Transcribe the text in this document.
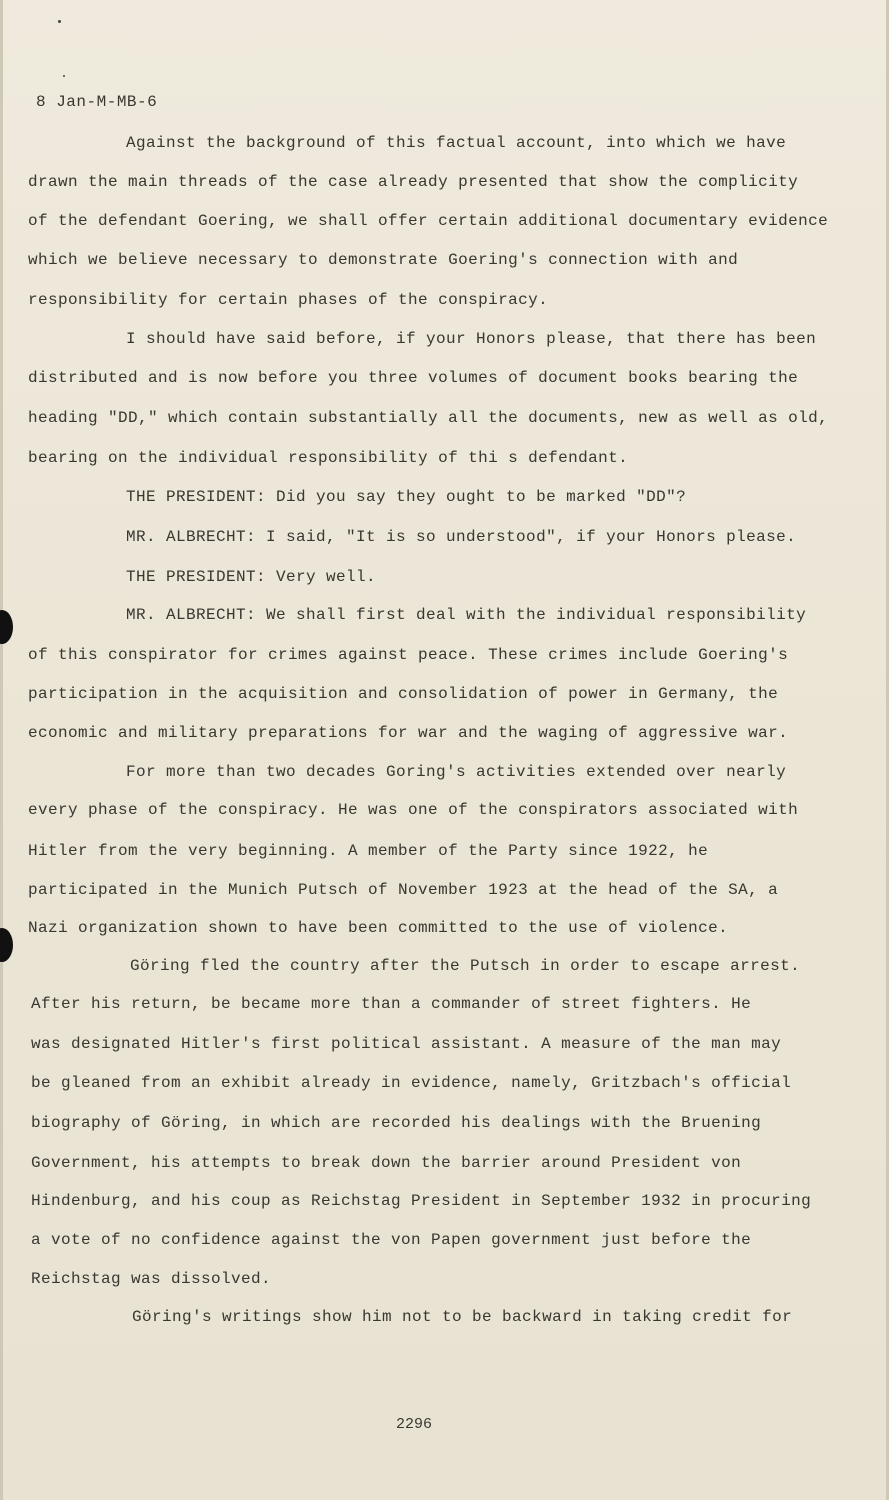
8 Jan-M-MB-6
Against the background of this factual account, into which we have
drawn the main threads of the case already presented that show the complicity
of the defendant Goering, we shall offer certain additional documentary evidence
which we believe necessary to demonstrate Goering's connection with and
responsibility for certain phases of the conspiracy.
I should have said before, if your Honors please, that there has been
distributed and is now before you three volumes of document books bearing the
heading "DD," which contain substantially all the documents, new as well as old,
bearing on the individual responsibility of thi s defendant.
THE PRESIDENT: Did you say they ought to be marked "DD"?
MR. ALBRECHT: I said, "It is so understood", if your Honors please.
THE PRESIDENT: Very well.
MR. ALBRECHT: We shall first deal with the individual responsibility
of this conspirator for crimes against peace. These crimes include Goering's
participation in the acquisition and consolidation of power in Germany, the
economic and military preparations for war and the waging of aggressive war.
For more than two decades Goring's activities extended over nearly
every phase of the conspiracy. He was one of the conspirators associated with
Hitler from the very beginning. A member of the Party since 1922, he
participated in the Munich Putsch of November 1923 at the head of the SA, a
Nazi organization shown to have been committed to the use of violence.
Göring fled the country after the Putsch in order to escape arrest.
After his return, be became more than a commander of street fighters. He
was designated Hitler's first political assistant. A measure of the man may
be gleaned from an exhibit already in evidence, namely, Gritzbach's official
biography of Göring, in which are recorded his dealings with the Bruening
Government, his attempts to break down the barrier around President von
Hindenburg, and his coup as Reichstag President in September 1932 in procuring
a vote of no confidence against the von Papen government just before the
Reichstag was dissolved.
Göring's writings show him not to be backward in taking credit for
2296
